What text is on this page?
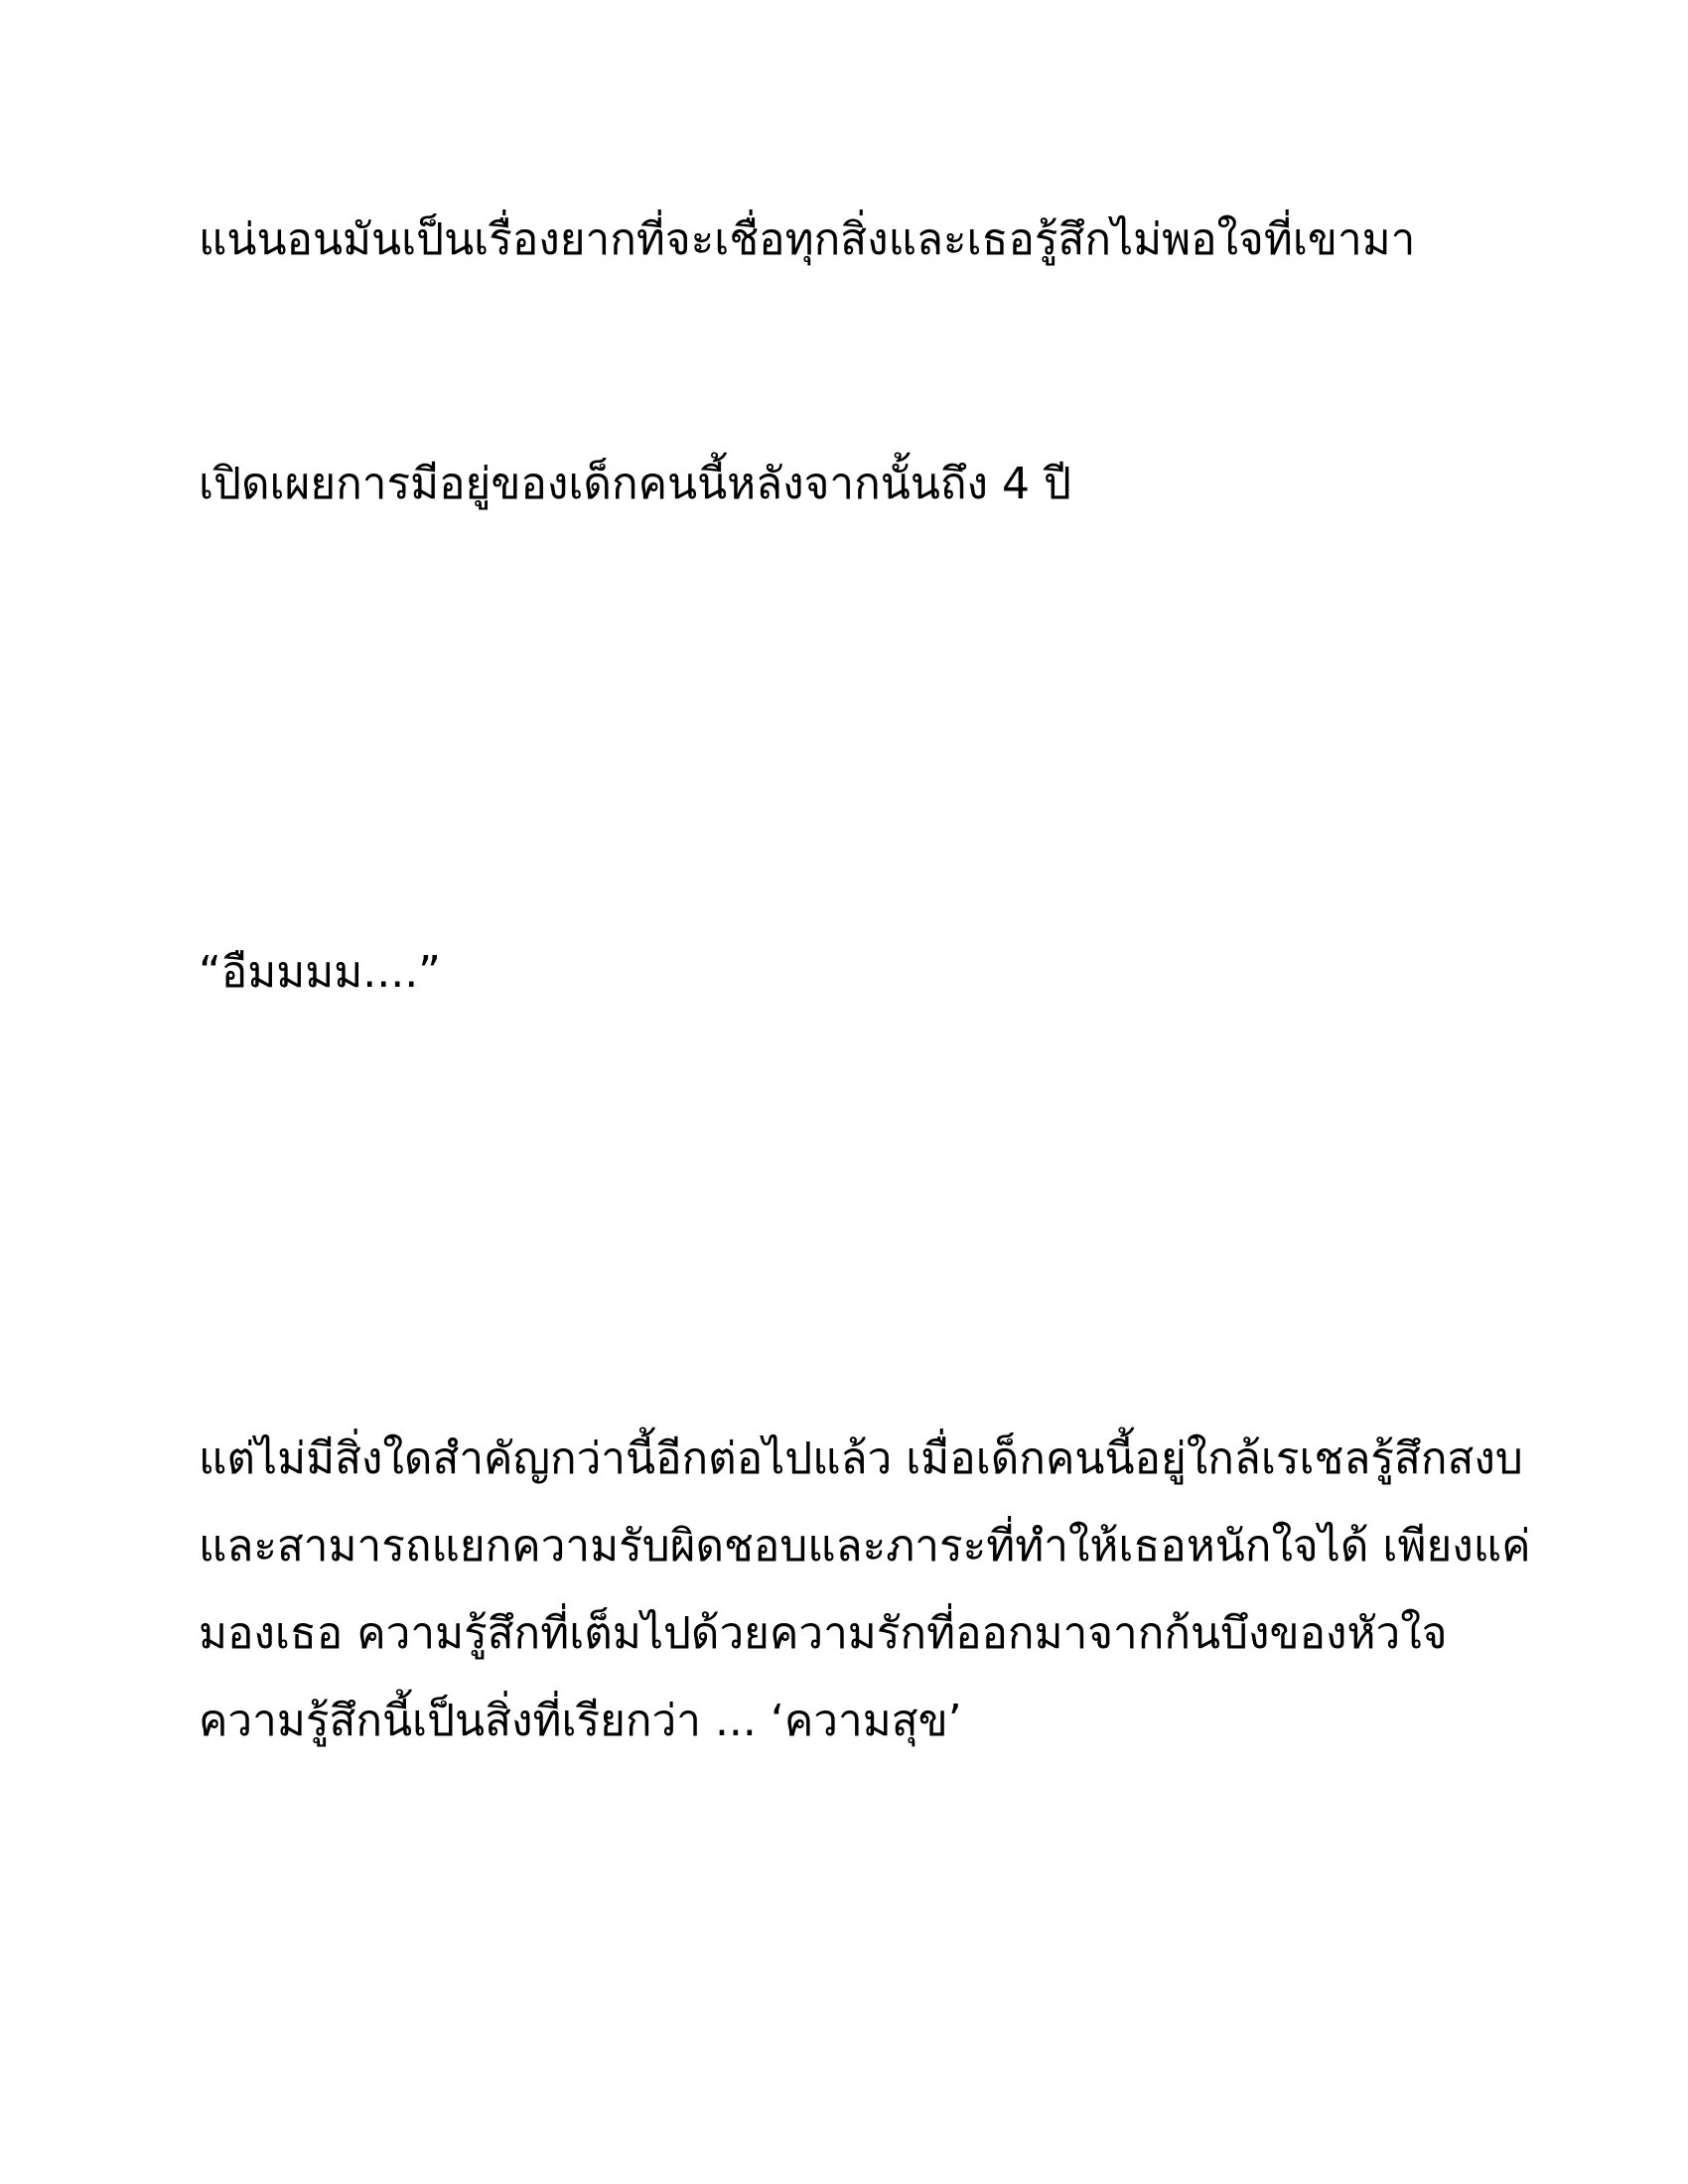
แน่นอนมันเป็นเรื่องยากที่จะเชื่อทุกสิ่งและเธอรู้สึกไม่พอใจที่เขามา
เปิดเผยการมีอยู่ของเด็กคนนี้หลังจากนั้นถึง 4 ปี
“อืมมมม....”
แต่ไม่มีสิ่งใดสำคัญกว่านี้อีกต่อไปแล้ว เมื่อเด็กคนนี้อยู่ใกล้เรเชลรู้สึกสงบ
และสามารถแยกความรับผิดชอบและภาระที่ทำให้เธอหนักใจได้ เพียงแค่
มองเธอ ความรู้สึกที่เต็มไปด้วยความรักที่ออกมาจากก้นบึงของหัวใจ
ความรู้สึกนี้เป็นสิ่งที่เรียกว่า ... ‘ความสุข’
